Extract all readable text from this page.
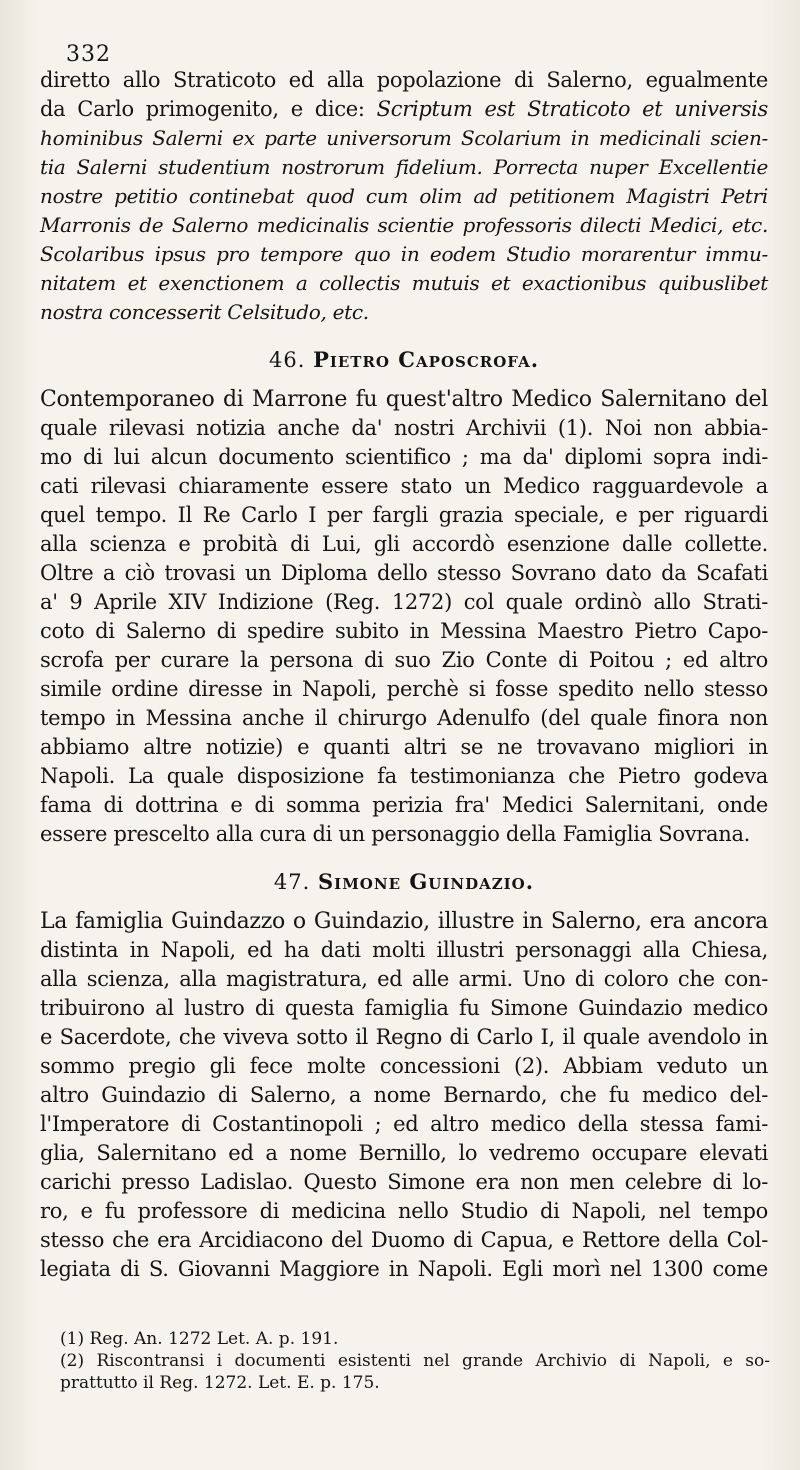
332
diretto allo Straticoto ed alla popolazione di Salerno, egualmente
da Carlo primogenito, e dice: Scriptum est Straticoto et universis
hominibus Salerni ex parte universorum Scolarium in medicinali scien-
tia Salerni studentium nostrorum fidelium. Porrecta nuper Excellentie
nostre petitio continebat quod cum olim ad petitionem Magistri Petri
Marronis de Salerno medicinalis scientie professoris dilecti Medici, etc.
Scolaribus ipsus pro tempore quo in eodem Studio morarentur immu-
nitatem et exenctionem a collectis mutuis et exactionibus quibuslibet
nostra concesserit Celsitudo, etc.
46. Pietro Caposcrofa.
Contemporaneo di Marrone fu quest'altro Medico Salernitano del
quale rilevasi notizia anche da' nostri Archivii (1). Noi non abbia-
mo di lui alcun documento scientifico ; ma da' diplomi sopra indi-
cati rilevasi chiaramente essere stato un Medico ragguardevole a
quel tempo. Il Re Carlo I per fargli grazia speciale, e per riguardi
alla scienza e probità di Lui, gli accordò esenzione dalle collette.
Oltre a ciò trovasi un Diploma dello stesso Sovrano dato da Scafati
a' 9 Aprile XIV Indizione (Reg. 1272) col quale ordinò allo Strati-
coto di Salerno di spedire subito in Messina Maestro Pietro Capo-
scrofa per curare la persona di suo Zio Conte di Poitou ; ed altro
simile ordine diresse in Napoli, perchè si fosse spedito nello stesso
tempo in Messina anche il chirurgo Adenulfo (del quale finora non
abbiamo altre notizie) e quanti altri se ne trovavano migliori in
Napoli. La quale disposizione fa testimonianza che Pietro godeva
fama di dottrina e di somma perizia fra' Medici Salernitani, onde
essere prescelto alla cura di un personaggio della Famiglia Sovrana.
47. Simone Guindazio.
La famiglia Guindazzo o Guindazio, illustre in Salerno, era ancora
distinta in Napoli, ed ha dati molti illustri personaggi alla Chiesa,
alla scienza, alla magistratura, ed alle armi. Uno di coloro che con-
tribuirono al lustro di questa famiglia fu Simone Guindazio medico
e Sacerdote, che viveva sotto il Regno di Carlo I, il quale avendolo in
sommo pregio gli fece molte concessioni (2). Abbiam veduto un
altro Guindazio di Salerno, a nome Bernardo, che fu medico del-
l'Imperatore di Costantinopoli ; ed altro medico della stessa fami-
glia, Salernitano ed a nome Bernillo, lo vedremo occupare elevati
carichi presso Ladislao. Questo Simone era non men celebre di lo-
ro, e fu professore di medicina nello Studio di Napoli, nel tempo
stesso che era Arcidiacono del Duomo di Capua, e Rettore della Col-
legiata di S. Giovanni Maggiore in Napoli. Egli morì nel 1300 come
(1) Reg. An. 1272 Let. A. p. 191.
(2) Riscontransi i documenti esistenti nel grande Archivio di Napoli, e so-
prattutto il Reg. 1272. Let. E. p. 175.
